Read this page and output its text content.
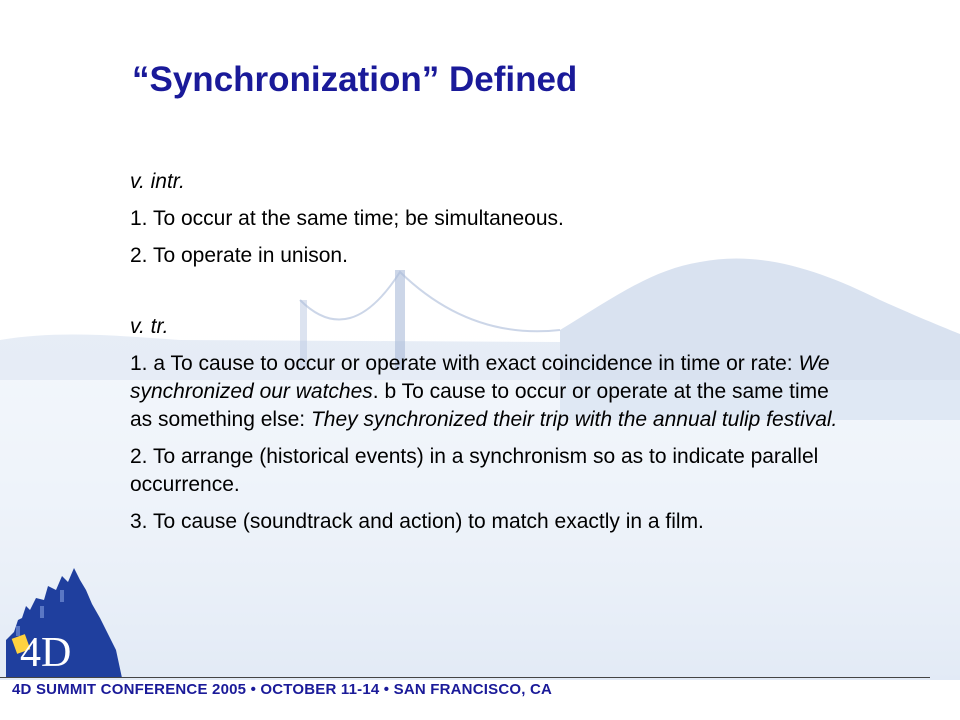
“Synchronization” Defined

v. intr.

1. To occur at the same time; be simultaneous.

2. To operate in unison.

v. tr.

1. a To cause to occur or operate with exact coincidence in time or rate: We synchronized our watches. b To cause to occur or operate at the same time as something else: They synchronized their trip with the annual tulip festival.

2. To arrange (historical events) in a synchronism so as to indicate parallel occurrence.

3. To cause (soundtrack and action) to match exactly in a film.

4D
4D SUMMIT CONFERENCE 2005 • OCTOBER 11-14 • SAN FRANCISCO, CA
